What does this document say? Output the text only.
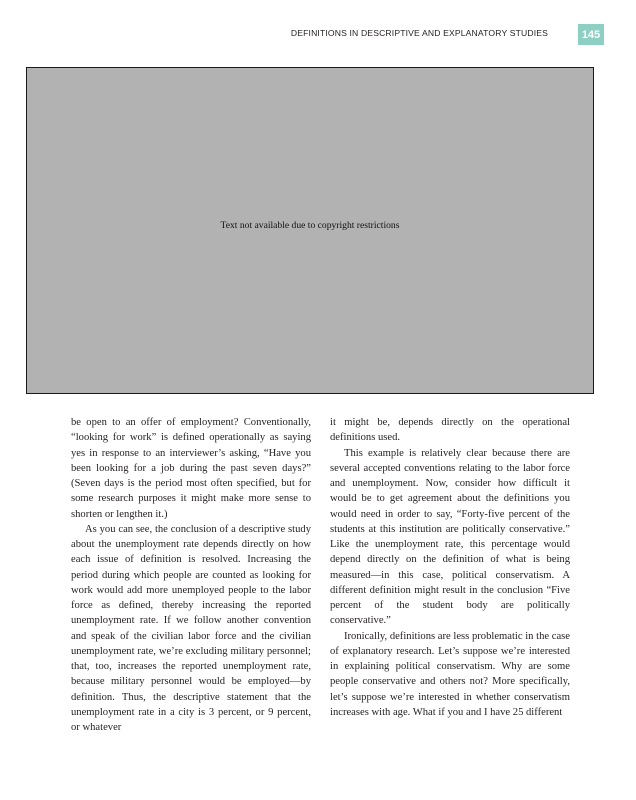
DEFINITIONS IN DESCRIPTIVE AND EXPLANATORY STUDIES	145
Text not available due to copyright restrictions

be open to an offer of employment? Conventionally, “looking for work” is defined operationally as saying yes in response to an interviewer’s asking, “Have you been looking for a job during the past seven days?” (Seven days is the period most often specified, but for some research purposes it might make more sense to shorten or lengthen it.)

As you can see, the conclusion of a descriptive study about the unemployment rate depends directly on how each issue of definition is resolved. Increasing the period during which people are counted as looking for work would add more unemployed people to the labor force as defined, thereby increasing the reported unemployment rate. If we follow another convention and speak of the civilian labor force and the civilian unemployment rate, we’re excluding military personnel; that, too, increases the reported unemployment rate, because military personnel would be employed—by definition. Thus, the descriptive statement that the unemployment rate in a city is 3 percent, or 9 percent, or whatever

it might be, depends directly on the operational definitions used.

This example is relatively clear because there are several accepted conventions relating to the labor force and unemployment. Now, consider how difficult it would be to get agreement about the definitions you would need in order to say, “Forty-five percent of the students at this institution are politically conservative.” Like the unemployment rate, this percentage would depend directly on the definition of what is being measured—in this case, political conservatism. A different definition might result in the conclusion “Five percent of the student body are politically conservative.”

Ironically, definitions are less problematic in the case of explanatory research. Let’s suppose we’re interested in explaining political conservatism. Why are some people conservative and others not? More specifically, let’s suppose we’re interested in whether conservatism increases with age. What if you and I have 25 different
